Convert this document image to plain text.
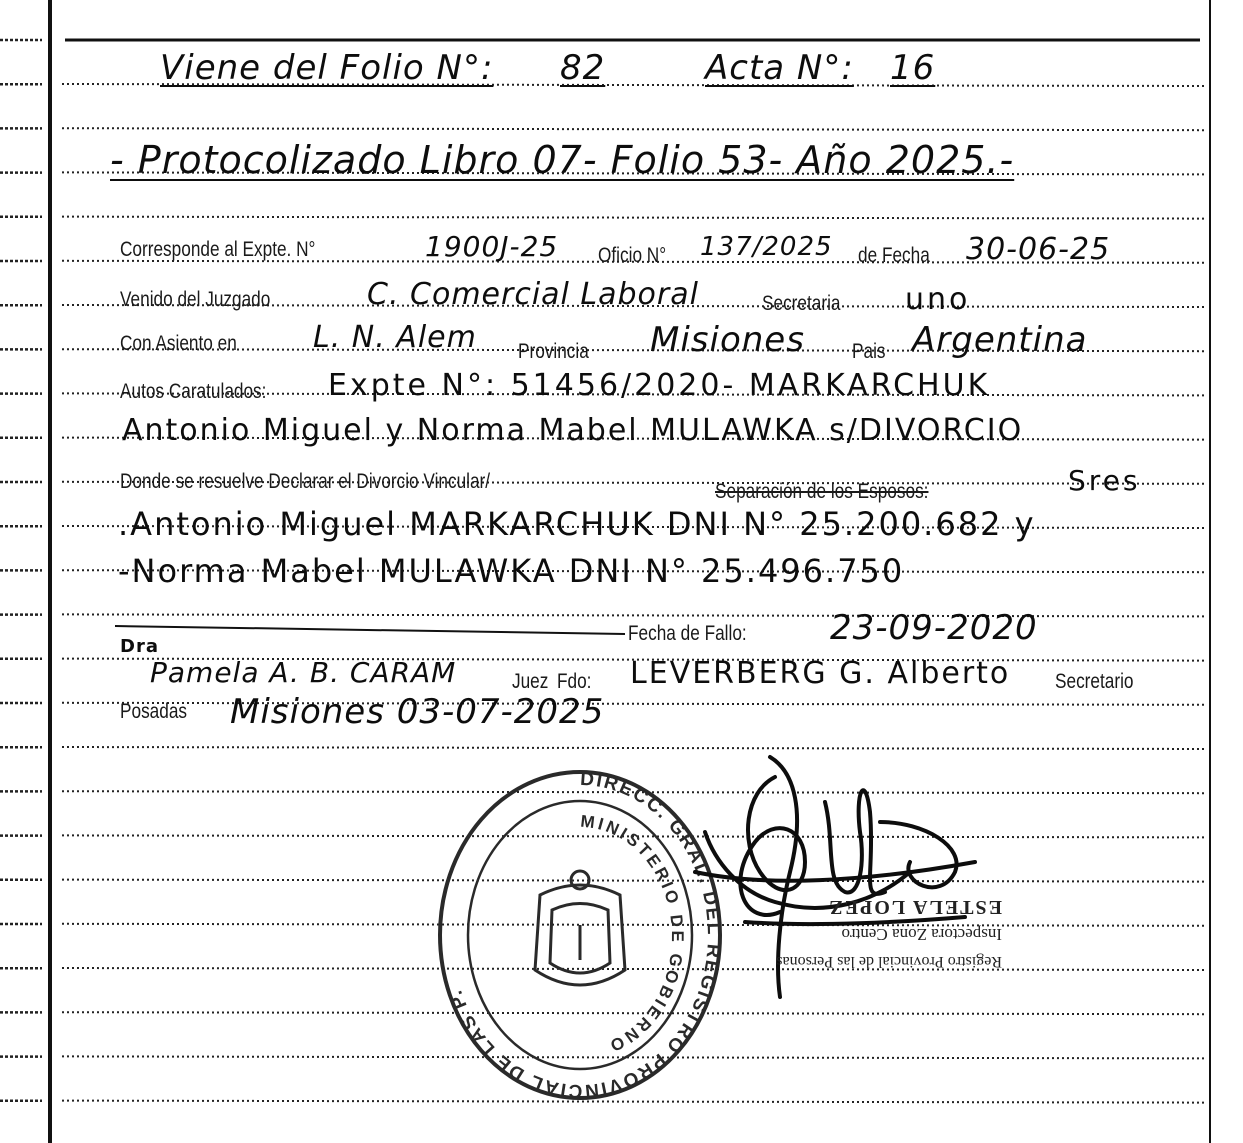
Viene del Folio N°: 82	Acta N°: 16
- Protocolizado Libro 07- Folio 53- Año 2025.-
Corresponde al Expte. N°	1900J-25 Oficio N° 137/2025 de Fecha 30-06-25
Venido del Juzgado	C. Comercial Laboral	Secretaria uno
Con Asiento en	L. N. Alem Provincia Misiones Pais Argentina
Autos Caratulados: Expte N°: 51456/2020- MARKARCHUK
Antonio Miguel y Norma Mabel MULAWKA s/DIVORCIO
Donde se resuelve Declarar el Divorcio Vincular/	Separación de los Esposos:	Sres
.Antonio Miguel MARKARCHUK DNI N° 25.200.682 y
-Norma Mabel MULAWKA DNI N° 25.496.750
Fecha de Fallo: 23-09-2020
Dra
Pamela A. B. CARAM	Juez Fdo: LEVERBERG G. Alberto Secretario
Posadas Misiones 03-07-2025
DIRECC. GRAL. DEL REGISTRO PROVINCIAL DE LAS P.
MINISTERIO DE GOBIERNO
Registro Provincial de las Personas
Inspectora Zona Centro
ESTELA LOPEZ
